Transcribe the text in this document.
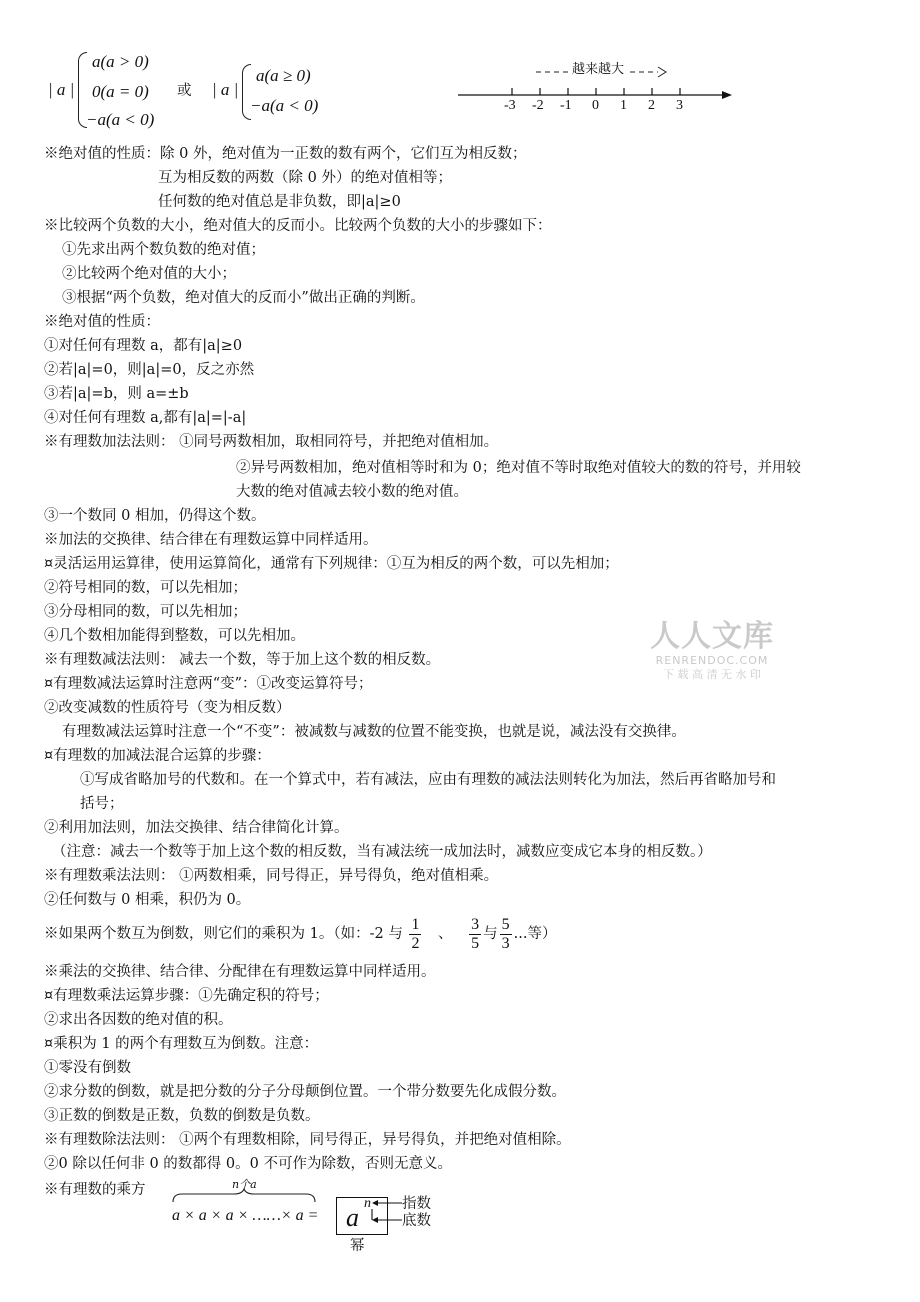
| a |
a(a > 0)
0(a = 0)
−a(a < 0)
或 | a |
a(a ≥ 0)
−a(a < 0)
越来越大
-3 -2 -1 0 1 2 3
※绝对值的性质：除 0 外，绝对值为一正数的数有两个，它们互为相反数；
互为相反数的两数（除 0 外）的绝对值相等；
任何数的绝对值总是非负数，即|a|≥0
※比较两个负数的大小，绝对值大的反而小。比较两个负数的大小的步骤如下：
①先求出两个数负数的绝对值；
②比较两个绝对值的大小；
③根据“两个负数，绝对值大的反而小”做出正确的判断。
※绝对值的性质：
①对任何有理数 a，都有|a|≥0
②若|a|=0，则|a|=0，反之亦然
③若|a|=b，则 a=±b
④对任何有理数 a,都有|a|=|-a|
※有理数加法法则： ①同号两数相加，取相同符号，并把绝对值相加。
②异号两数相加，绝对值相等时和为 0；绝对值不等时取绝对值较大的数的符号，并用较
大数的绝对值减去较小数的绝对值。
③一个数同 0 相加，仍得这个数。
※加法的交换律、结合律在有理数运算中同样适用。
¤灵活运用运算律，使用运算简化，通常有下列规律：①互为相反的两个数，可以先相加；
②符号相同的数，可以先相加；
③分母相同的数，可以先相加；
④几个数相加能得到整数，可以先相加。
※有理数减法法则： 减去一个数，等于加上这个数的相反数。
¤有理数减法运算时注意两“变”：①改变运算符号；
②改变减数的性质符号（变为相反数）
有理数减法运算时注意一个“不变”：被减数与减数的位置不能变换，也就是说，减法没有交换律。
¤有理数的加减法混合运算的步骤：
①写成省略加号的代数和。在一个算式中，若有减法，应由有理数的减法法则转化为加法，然后再省略加号和
括号；
②利用加法则，加法交换律、结合律简化计算。
（注意：减去一个数等于加上这个数的相反数，当有减法统一成加法时，减数应变成它本身的相反数。）
※有理数乘法法则： ①两数相乘，同号得正，异号得负，绝对值相乘。
②任何数与 0 相乘，积仍为 0。
※如果两个数互为倒数，则它们的乘积为 1。（如：-2 与 $\frac{1}{2}$ 、 $\frac{3}{5}$ 与 $\frac{5}{3}$ ...等）
※乘法的交换律、结合律、分配律在有理数运算中同样适用。
¤有理数乘法运算步骤：①先确定积的符号；
②求出各因数的绝对值的积。
¤乘积为 1 的两个有理数互为倒数。注意：
①零没有倒数
②求分数的倒数，就是把分数的分子分母颠倒位置。一个带分数要先化成假分数。
③正数的倒数是正数，负数的倒数是负数。
※有理数除法法则： ①两个有理数相除，同号得正，异号得负，并把绝对值相除。
②0 除以任何非 0 的数都得 0。0 不可作为除数，否则无意义。
※有理数的乘方	n个a
a × a × a × ……× a = a n 指数
底数
幂
人人文库
RENRENDOC.COM
下 载 高 清 无 水 印
